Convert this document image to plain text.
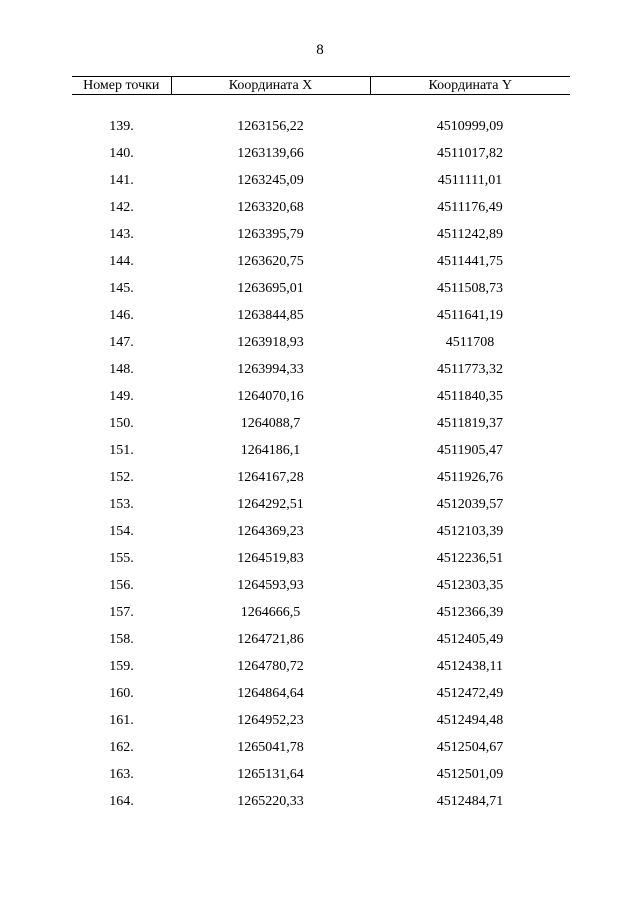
8
Номер точки	Координата X	Координата Y

139.	1263156,22	4510999,09
140.	1263139,66	4511017,82
141.	1263245,09	4511111,01
142.	1263320,68	4511176,49
143.	1263395,79	4511242,89
144.	1263620,75	4511441,75
145.	1263695,01	4511508,73
146.	1263844,85	4511641,19
147.	1263918,93	4511708
148.	1263994,33	4511773,32
149.	1264070,16	4511840,35
150.	1264088,7	4511819,37
151.	1264186,1	4511905,47
152.	1264167,28	4511926,76
153.	1264292,51	4512039,57
154.	1264369,23	4512103,39
155.	1264519,83	4512236,51
156.	1264593,93	4512303,35
157.	1264666,5	4512366,39
158.	1264721,86	4512405,49
159.	1264780,72	4512438,11
160.	1264864,64	4512472,49
161.	1264952,23	4512494,48
162.	1265041,78	4512504,67
163.	1265131,64	4512501,09
164.	1265220,33	4512484,71
